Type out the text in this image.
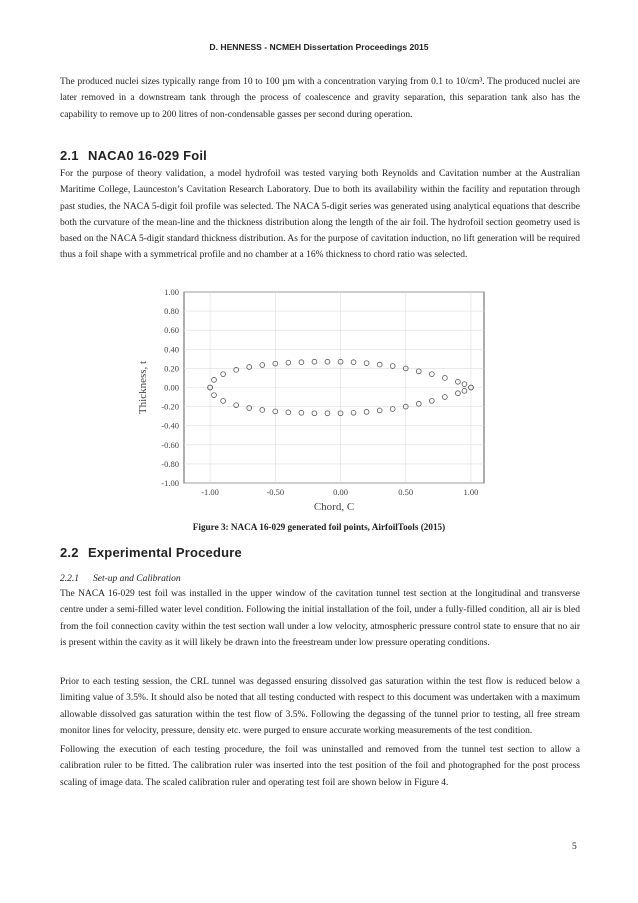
D. HENNESS - NCMEH Dissertation Proceedings 2015

The produced nuclei sizes typically range from 10 to 100 µm with a concentration varying from 0.1 to 10/cm³. The produced nuclei are later removed in a downstream tank through the process of coalescence and gravity separation, this separation tank also has the capability to remove up to 200 litres of non-condensable gasses per second during operation.

2.1 NACA0 16-029 Foil

For the purpose of theory validation, a model hydrofoil was tested varying both Reynolds and Cavitation number at the Australian Maritime College, Launceston’s Cavitation Research Laboratory. Due to both its availability within the facility and reputation through past studies, the NACA 5-digit foil profile was selected. The NACA 5-digit series was generated using analytical equations that describe both the curvature of the mean-line and the thickness distribution along the length of the air foil. The hydrofoil section geometry used is based on the NACA 5-digit standard thickness distribution. As for the purpose of cavitation induction, no lift generation will be required thus a foil shape with a symmetrical profile and no chamber at a 16% thickness to chord ratio was selected.

1.00
0.80
0.60
0.40
0.20
0.00
-0.20
-0.40
-0.60
-0.80
-1.00
-1.00	-0.50	0.00	0.50	1.00
Chord, C
Thickness, t
Figure 3: NACA 16-029 generated foil points, AirfoilTools (2015)
2.2 Experimental Procedure
2.2.1 Set-up and Calibration

The NACA 16-029 test foil was installed in the upper window of the cavitation tunnel test section at the longitudinal and transverse centre under a semi-filled water level condition. Following the initial installation of the foil, under a fully-filled condition, all air is bled from the foil connection cavity within the test section wall under a low velocity, atmospheric pressure control state to ensure that no air is present within the cavity as it will likely be drawn into the freestream under low pressure operating conditions.

Prior to each testing session, the CRL tunnel was degassed ensuring dissolved gas saturation within the test flow is reduced below a limiting value of 3.5%. It should also be noted that all testing conducted with respect to this document was undertaken with a maximum allowable dissolved gas saturation within the test flow of 3.5%. Following the degassing of the tunnel prior to testing, all free stream monitor lines for velocity, pressure, density etc. were purged to ensure accurate working measurements of the test condition.

Following the execution of each testing procedure, the foil was uninstalled and removed from the tunnel test section to allow a calibration ruler to be fitted. The calibration ruler was inserted into the test position of the foil and photographed for the post process scaling of image data. The scaled calibration ruler and operating test foil are shown below in Figure 4.

5
